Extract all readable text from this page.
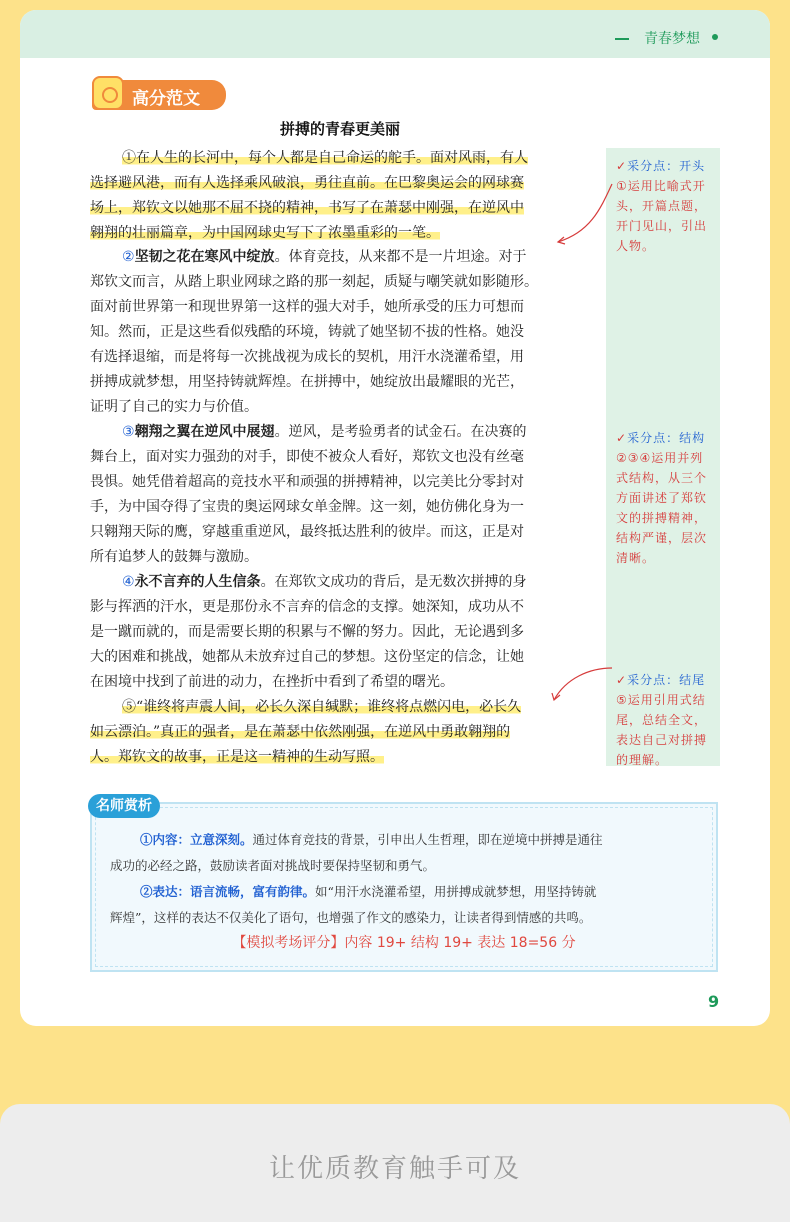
青春梦想
高分范文
拼搏的青春更美丽
①在人生的长河中，每个人都是自己命运的舵手。面对风雨，有人
选择避风港，而有人选择乘风破浪，勇往直前。在巴黎奥运会的网球赛
场上，郑钦文以她那不屈不挠的精神，书写了在萧瑟中刚强，在逆风中
翱翔的壮丽篇章，为中国网球史写下了浓墨重彩的一笔。
②坚韧之花在寒风中绽放。体育竞技，从来都不是一片坦途。对于
郑钦文而言，从踏上职业网球之路的那一刻起，质疑与嘲笑就如影随形。
面对前世界第一和现世界第一这样的强大对手，她所承受的压力可想而
知。然而，正是这些看似残酷的环境，铸就了她坚韧不拔的性格。她没
有选择退缩，而是将每一次挑战视为成长的契机，用汗水浇灌希望，用
拼搏成就梦想，用坚持铸就辉煌。在拼搏中，她绽放出最耀眼的光芒，
证明了自己的实力与价值。
③翱翔之翼在逆风中展翅。逆风，是考验勇者的试金石。在决赛的
舞台上，面对实力强劲的对手，即使不被众人看好，郑钦文也没有丝毫
畏惧。她凭借着超高的竞技水平和顽强的拼搏精神，以完美比分零封对
手，为中国夺得了宝贵的奥运网球女单金牌。这一刻，她仿佛化身为一
只翱翔天际的鹰，穿越重重逆风，最终抵达胜利的彼岸。而这，正是对
所有追梦人的鼓舞与激励。
④永不言弃的人生信条。在郑钦文成功的背后，是无数次拼搏的身
影与挥洒的汗水，更是那份永不言弃的信念的支撑。她深知，成功从不
是一蹴而就的，而是需要长期的积累与不懈的努力。因此，无论遇到多
大的困难和挑战，她都从未放弃过自己的梦想。这份坚定的信念，让她
在困境中找到了前进的动力，在挫折中看到了希望的曙光。
⑤“谁终将声震人间，必长久深自缄默；谁终将点燃闪电，必长久
如云漂泊。”真正的强者，是在萧瑟中依然刚强，在逆风中勇敢翱翔的
人。郑钦文的故事，正是这一精神的生动写照。
✓采分点：开头
①运用比喻式开头，开篇点题，开门见山，引出人物。
✓采分点：结构
②③④运用并列式结构，从三个方面讲述了郑钦文的拼搏精神，结构严谨，层次清晰。
✓采分点：结尾
⑤运用引用式结尾，总结全文，表达自己对拼搏的理解。
名师赏析
①内容：立意深刻。通过体育竞技的背景，引申出人生哲理，即在逆境中拼搏是通往
成功的必经之路，鼓励读者面对挑战时要保持坚韧和勇气。
②表达：语言流畅，富有韵律。如“用汗水浇灌希望，用拼搏成就梦想，用坚持铸就
辉煌”，这样的表达不仅美化了语句，也增强了作文的感染力，让读者得到情感的共鸣。
【模拟考场评分】内容 19+ 结构 19+ 表达 18=56 分
9
让优质教育触手可及
